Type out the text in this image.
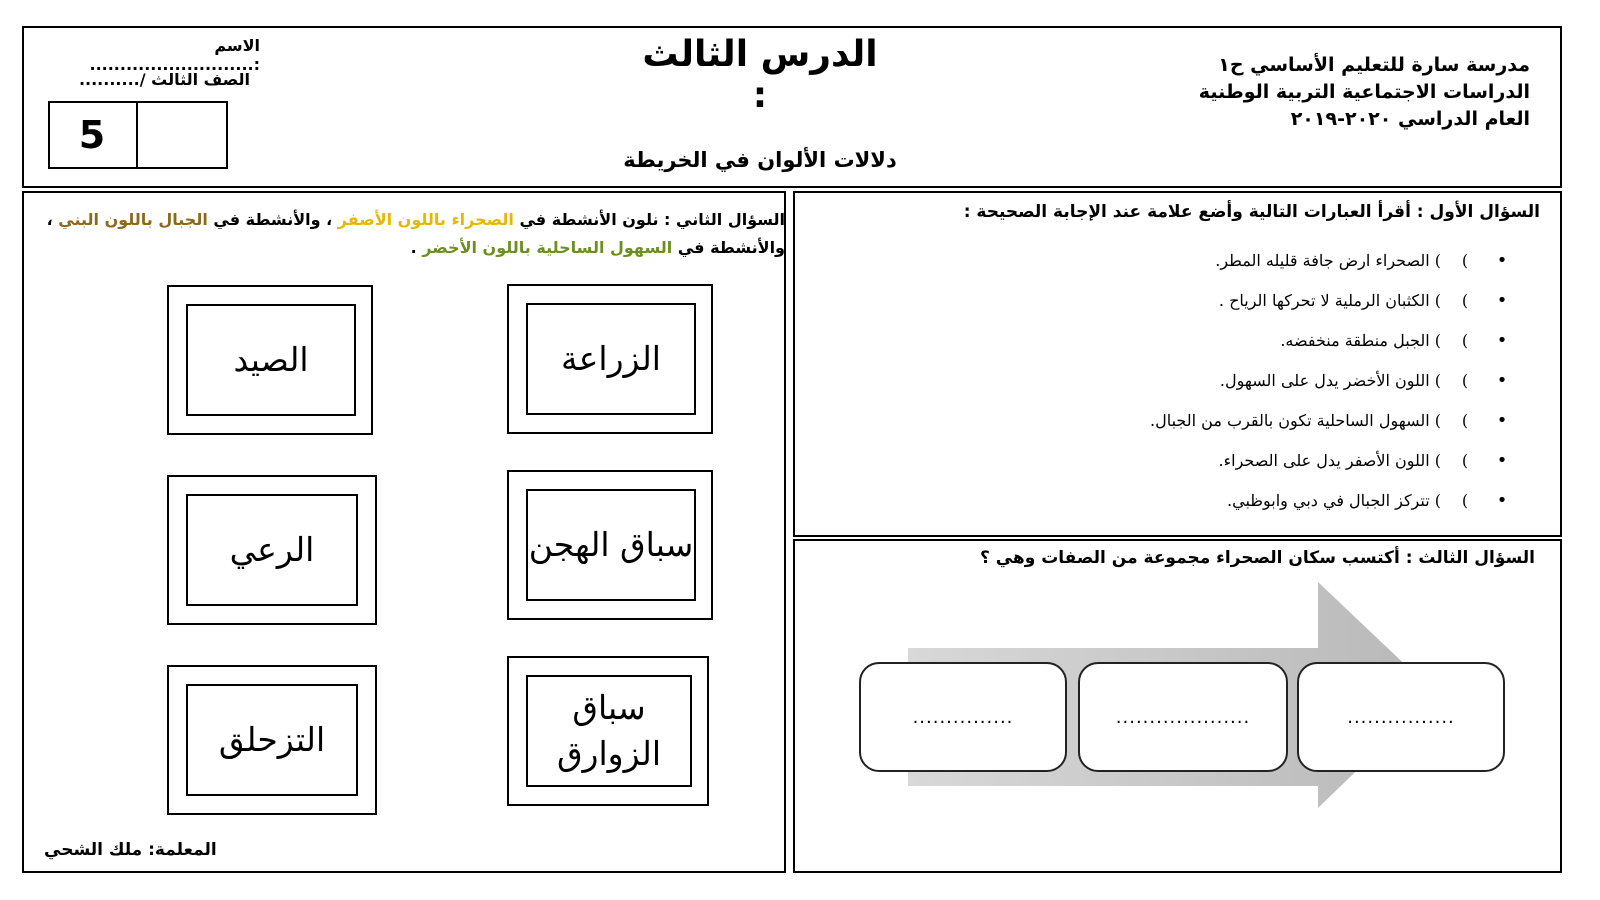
مدرسة سارة للتعليم الأساسي ح١
الدراسات الاجتماعية التربية الوطنية
العام الدراسي ٢٠٢٠-٢٠١٩
الدرس الثالث :
دلالات الألوان في الخريطة
الاسم :...........................
الصف الثالث /..........
5
السؤال الأول : أقرأ العبارات التالية وأضع علامة عند الإجابة الصحيحة :
•
(
) الصحراء ارض جافة قليله المطر.
•
(
) الكثبان الرملية لا تحركها الرياح .
•
(
) الجبل منطقة منخفضه.
•
(
) اللون الأخضر يدل على السهول.
•
(
) السهول الساحلية تكون بالقرب من الجبال.
•
(
) اللون الأصفر يدل على الصحراء.
•
(
) تتركز الجبال في دبي وابوظبي.
السؤال الثاني : نلون الأنشطة في الصحراء باللون الأصفر ، والأنشطة في الجبال باللون البني ، والأنشطة في السهول الساحلية باللون الأخضر .
الزراعة
الصيد
سباق الهجن
الرعي
سباق الزوارق
التزحلق
المعلمة: ملك الشحي
السؤال الثالث : أكتسب سكان الصحراء مجموعة من الصفات وهي ؟
................
....................
...............
